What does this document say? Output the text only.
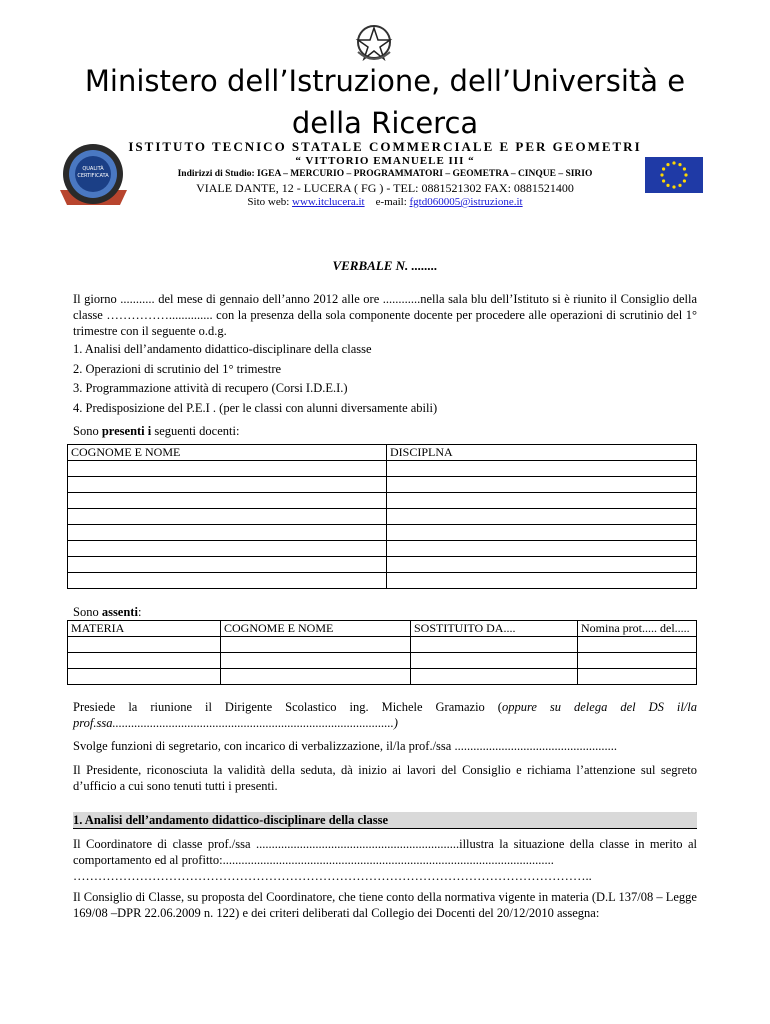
Ministero dell’Istruzione, dell’Università e
della Ricerca
QUALITÀ
CERTIFICATA
ISTITUTO TECNICO STATALE COMMERCIALE E PER GEOMETRI
“ VITTORIO EMANUELE III “
Indirizzi di Studio: IGEA – MERCURIO – PROGRAMMATORI – GEOMETRA – CINQUE – SIRIO
VIALE DANTE, 12 - LUCERA ( FG ) - TEL: 0881521302 FAX: 0881521400
Sito web: www.itclucera.it e-mail: fgtd060005@istruzione.it
VERBALE N. ........
Il giorno ........... del mese di gennaio dell’anno 2012 alle ore ............nella sala blu dell’Istituto si è riunito il Consiglio della classe …………….............. con la presenza della sola componente docente per procedere alle operazioni di scrutinio del 1° trimestre con il seguente o.d.g.
1. Analisi dell’andamento didattico-disciplinare della classe
2. Operazioni di scrutinio del 1° trimestre
3. Programmazione attività di recupero (Corsi I.D.E.I.)
4. Predisposizione del P.E.I . (per le classi con alunni diversamente abili)
Sono presenti i seguenti docenti:
COGNOME E NOME	DISCIPLNA

Sono assenti:
MATERIA	COGNOME E NOME	SOSTITUITO DA....	Nomina prot..... del.....

Presiede la riunione il Dirigente Scolastico ing. Michele Gramazio (oppure su delega del DS il/la prof.ssa..........................................................................................)
Svolge funzioni di segretario, con incarico di verbalizzazione, il/la prof./ssa ....................................................
Il Presidente, riconosciuta la validità della seduta, dà inizio ai lavori del Consiglio e richiama l’attenzione sul segreto d’ufficio a cui sono tenuti tutti i presenti.
1. Analisi dell’andamento didattico-disciplinare della classe
Il Coordinatore di classe prof./ssa .................................................................illustra la situazione della classe in merito al comportamento ed al profitto:..........................................................................................................
……………………………………………………………………………………………………………..
Il Consiglio di Classe, su proposta del Coordinatore, che tiene conto della normativa vigente in materia (D.L 137/08 – Legge 169/08 –DPR 22.06.2009 n. 122) e dei criteri deliberati dal Collegio dei Docenti del 20/12/2010 assegna:
